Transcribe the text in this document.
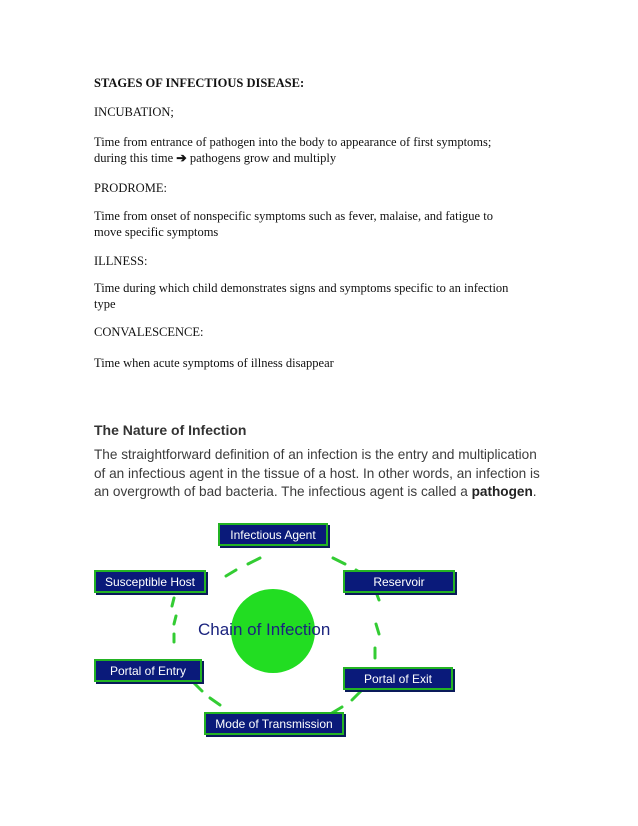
STAGES OF INFECTIOUS DISEASE:

INCUBATION;

Time from entrance of pathogen into the body to appearance of first symptoms;
during this time ➔ pathogens grow and multiply

PRODROME:

Time from onset of nonspecific symptoms such as fever, malaise, and fatigue to
move specific symptoms

ILLNESS:

Time during which child demonstrates signs and symptoms specific to an infection
type

CONVALESCENCE:

Time when acute symptoms of illness disappear

The Nature of Infection

The straightforward definition of an infection is the entry and multiplication of an infectious agent in the tissue of a host. In other words, an infection is an overgrowth of bad bacteria. The infectious agent is called a pathogen.

Chain of Infection
Infectious Agent
Reservoir
Portal of Exit
Mode of Transmission
Portal of Entry
Susceptible Host
